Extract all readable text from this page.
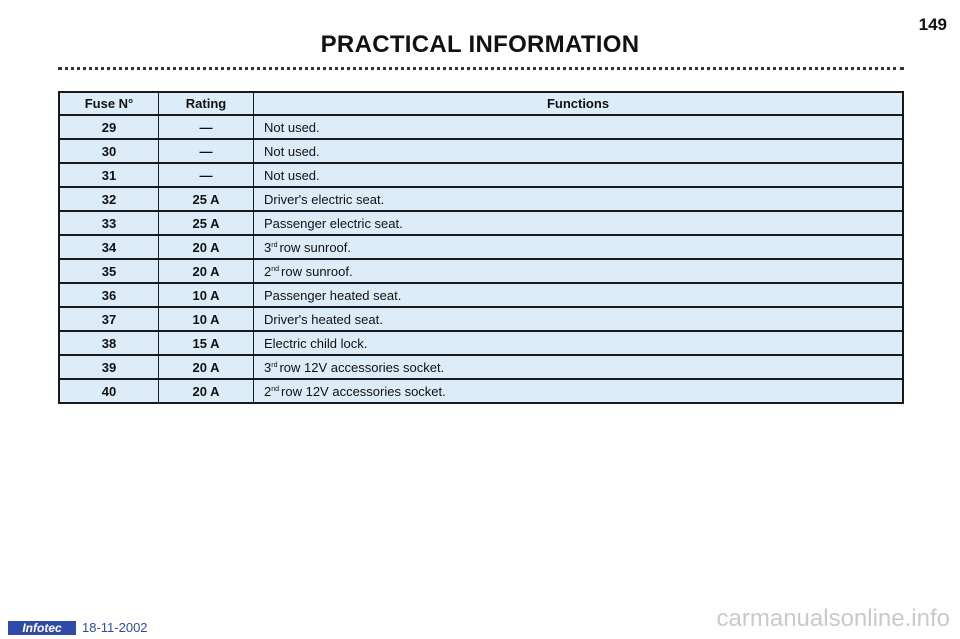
149
PRACTICAL INFORMATION
Fuse N°	Rating	Functions
29	—	Not used.
30	—	Not used.
31	—	Not used.
32	25 A	Driver's electric seat.
33	25 A	Passenger electric seat.
34	20 A	3rd row sunroof.
35	20 A	2nd row sunroof.
36	10 A	Passenger heated seat.
37	10 A	Driver's heated seat.
38	15 A	Electric child lock.
39	20 A	3rd row 12V accessories socket.
40	20 A	2nd row 12V accessories socket.
Infotec	18-11-2002	carmanualsonline.info
